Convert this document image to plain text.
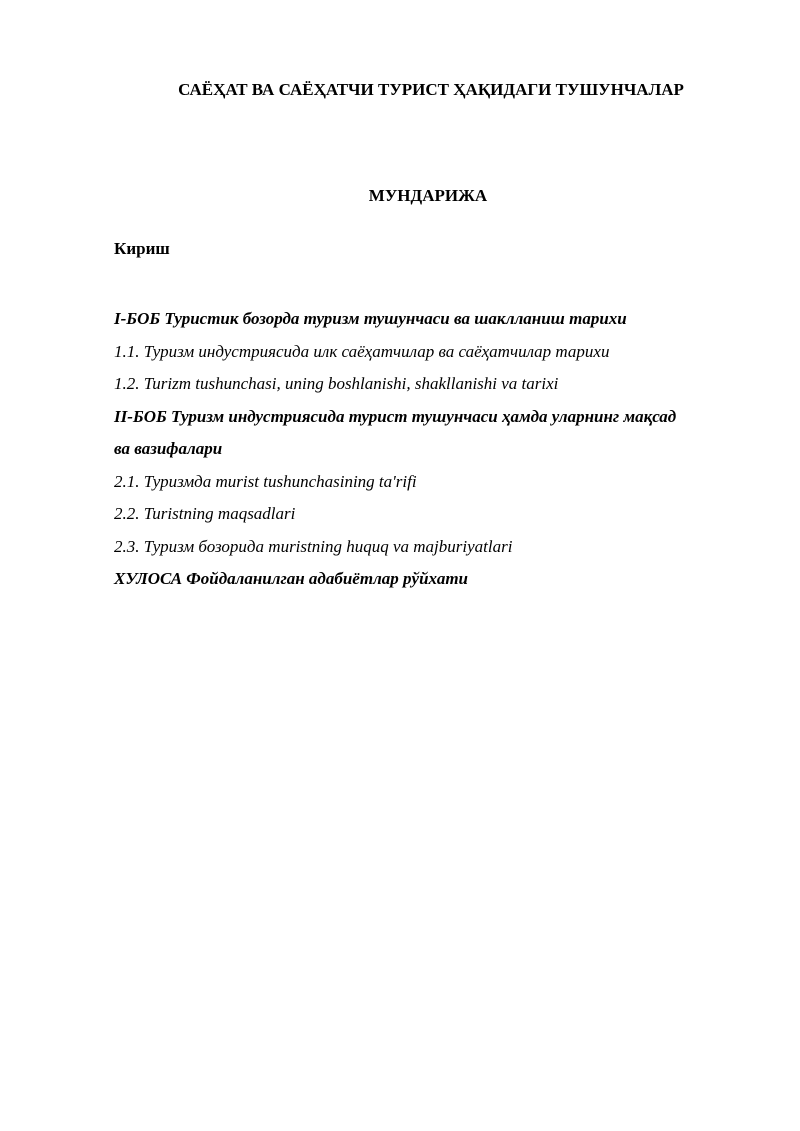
САЁҲАТ ВА САЁҲАТЧИ ТУРИСТ ҲАҚИДАГИ ТУШУНЧАЛАР
МУНДАРИЖА

Кириш

I-БОБ Туристик бозорда туризм тушунчаси ва шаклланиш тарихи
1.1. Туризм индустриясида илк саёҳатчилар ва саёҳатчилар тарихи
1.2. Turizm tushunchasi, uning boshlanishi, shakllanishi va tarixi
II-БОБ Туризм индустриясида турист тушунчаси ҳамда уларнинг мақсад
ва вазифалари
2.1. Туризмда murist tushunchasining ta'rifi
2.2. Turistning maqsadlari
2.3. Туризм бозорида muristning huquq va majburiyatlari
ХУЛОСА Фойдаланилган адабиётлар рўйхати
